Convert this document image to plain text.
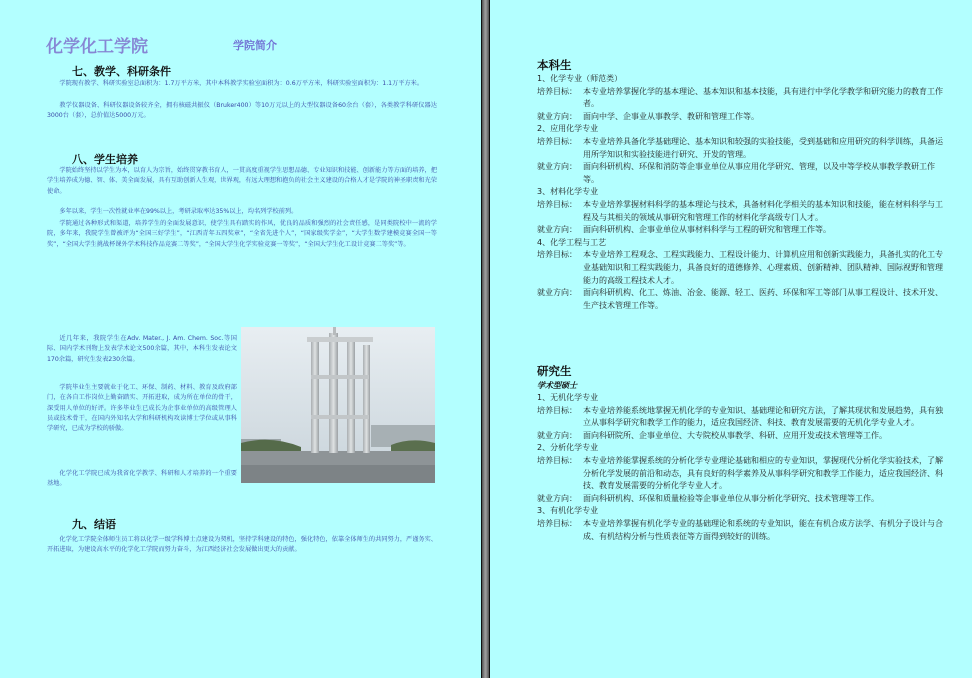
化学化工学院	学院简介
七、教学、科研条件

学院现有教学、科研实验室总面积为：1.7万平方米，其中本科教学实验室面积为：0.6万平方米，科研实验室面积为：1.1万平方米。

教学仪器设备、科研仪器设备较齐全，拥有核磁共振仪（Bruker400）等10万元以上的大型仪器设备60余台（套），各类教学科研仪器达3000台（套），总价值达5000万元。

八、学生培养

学院始终坚持以学生为本，以育人为宗旨，始终贯穿教书育人，一贯高度重视学生思想品德、专业知识和技能、创新能力等方面的培养，把学生培养成为德、智、体、美全面发展，具有互助创新人生观，世界观，有远大理想和抱负的社会主义建设的合格人才是学院的神圣职责和光荣使命。

多年以来，学生一次性就业率在99%以上，考研录取率达35%以上，均名列学校前列。

学院通过各种形式和渠道，培养学生的全面发展意识，使学生具有踏实的作风，优良的品质和强烈的社会责任感，是同类院校中一流的学院，多年来，我院学生曾被评为“全国三好学生”，“江西青年五四奖章”，“全省先进个人”，“国家级奖学金”，“大学生数学建模竞赛全国一等奖”，“全国大学生挑战杯课外学术科技作品竞赛二等奖”，“全国大学生化学实验竞赛一等奖”，“全国大学生化工设计竞赛二等奖”等。

近几年来，我院学生在Adv. Mater., J. Am. Chem. Soc.等国际、国内学术刊物上发表学术论文500余篇，其中，本科生发表论文170余篇，研究生发表230余篇。

学院毕业生主要就业于化工、环保、制药、材料、教育及政府部门，在各自工作岗位上勤奋踏实、开拓进取，成为所在单位的骨干，深受用人单位的好评。许多毕业生已成长为企事业单位的高级管理人员或技术骨干，在国内外知名大学和科研机构攻读博士学位或从事科学研究，已成为学校的骄傲。

化学化工学院已成为我省化学教学、科研和人才培养的一个重要基地。

九、结语

化学化工学院全体师生员工将以化学一级学科博士点建设为契机，坚持学科建设的特色，强化特色，依靠全体师生的共同努力，严谨务实、开拓进取，为建设高水平的化学化工学院而努力奋斗，为江西经济社会发展做出更大的贡献。

本科生

1、化学专业（师范类）

培养目标： 本专业培养掌握化学的基本理论、基本知识和基本技能，具有进行中学化学教学和研究能力的教育工作者。
就业方向： 面向中学、企事业从事教学、教研和管理工作等。

2、应用化学专业

培养目标： 本专业培养具备化学基础理论、基本知识和较强的实验技能，受到基础和应用研究的科学训练，具备运用所学知识和实验技能进行研究、开发的管理。
就业方向： 面向科研机构、环保和消防等企事业单位从事应用化学研究、管理，以及中等学校从事教学教研工作等。

3、材料化学专业

培养目标： 本专业培养掌握材料科学的基本理论与技术，具备材料化学相关的基本知识和技能，能在材料科学与工程及与其相关的领域从事研究和管理工作的材料化学高级专门人才。
就业方向： 面向科研机构、企事业单位从事材料科学与工程的研究和管理工作等。

4、化学工程与工艺

培养目标： 本专业培养工程观念、工程实践能力、工程设计能力、计算机应用和创新实践能力，具备扎实的化工专业基础知识和工程实践能力，具备良好的道德修养、心理素质、创新精神、团队精神、国际视野和管理能力的高级工程技术人才。
就业方向： 面向科研机构、化工、炼油、冶金、能源、轻工、医药、环保和军工等部门从事工程设计、技术开发、生产技术管理工作等。

研究生

学术型硕士

1、无机化学专业

培养目标： 本专业培养能系统地掌握无机化学的专业知识、基础理论和研究方法，了解其现状和发展趋势，具有独立从事科学研究和教学工作的能力，适应我国经济、科技、教育发展需要的无机化学专业人才。
就业方向： 面向科研院所、企事业单位、大专院校从事教学、科研、应用开发或技术管理等工作。

2、分析化学专业

培养目标： 本专业培养能掌握系统的分析化学专业理论基础和相应的专业知识，掌握现代分析化学实验技术，了解分析化学发展的前沿和动态，具有良好的科学素养及从事科学研究和教学工作能力，适应我国经济、科技、教育发展需要的分析化学专业人才。
就业方向： 面向科研机构、环保和质量检验等企事业单位从事分析化学研究、技术管理等工作。

3、有机化学专业

培养目标： 本专业培养掌握有机化学专业的基础理论和系统的专业知识，能在有机合成方法学、有机分子设计与合成、有机结构分析与性质表征等方面得到较好的训练。
